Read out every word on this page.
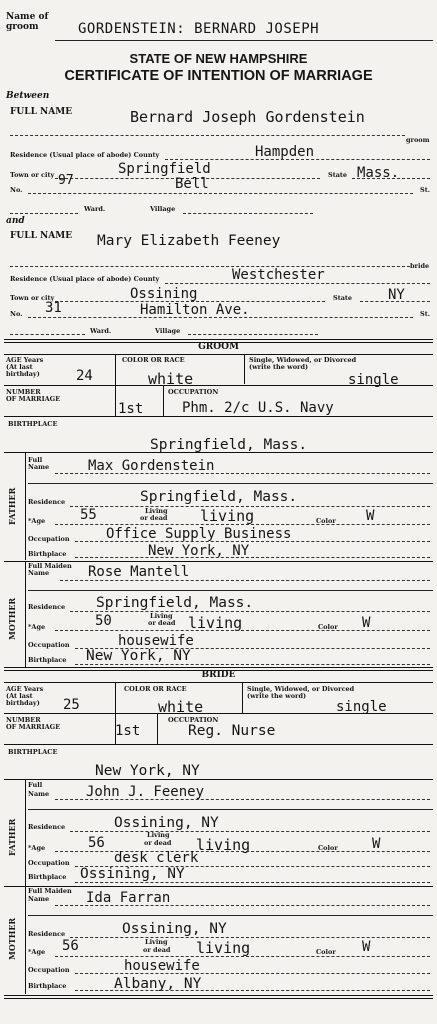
Name of groom	GORDENSTEIN: BERNARD JOSEPH
STATE OF NEW HAMPSHIRE
CERTIFICATE OF INTENTION OF MARRIAGE
Between
FULL NAME	Bernard Joseph Gordenstein
groom
Residence (Usual place of abode) County	Hampden
Town or city	Springfield	State Mass.
No.
97	Bell	St.
Ward.	Village
and
FULL NAME Mary Elizabeth Feeney
bride
Residence (Usual place of abode) County	Westchester
Town or city	Ossining	State	NY
No. 31	Hamilton Ave.	St.
Ward.	Village
GROOM
AGE Years
(At last
birthday)	24
COLOR OR RACE
white
Single, Widowed, or Divorced
(write the word)
single
NUMBER
OF MARRIAGE
1st
OCCUPATION
Phm. 2/c U.S. Navy
BIRTHPLACE
Springfield, Mass.
FATHER
Full
Name	Max Gordenstein
Residence	Springfield, Mass.
*Age 55	Living
or dead living	Color W
Occupation	Office Supply Business
Birthplace	New York, NY
MOTHER
Full Maiden
Name	Rose Mantell
Residence Springfield, Mass.
*Age	50	Living
or dead living	Color W
Occupation	housewife
Birthplace New York, NY
BRIDE
AGE Years
(At last
birthday) 25
COLOR OR RACE
white
Single, Widowed, or Divorced
(write the word)
single
NUMBER
OF MARRIAGE	1st
OCCUPATION
Reg. Nurse
BIRTHPLACE
New York, NY
FATHER
Full
Name	John J. Feeney
Residence	Ossining, NY
*Age	56	Living
or dead living	Color W
Occupation	desk clerk
Birthplace Ossining, NY
MOTHER
Full Maiden
Name	Ida Farran
Residence	Ossining, NY
*Age 56	Living
or dead living	Color W
Occupation	housewife
Birthplace	Albany, NY
